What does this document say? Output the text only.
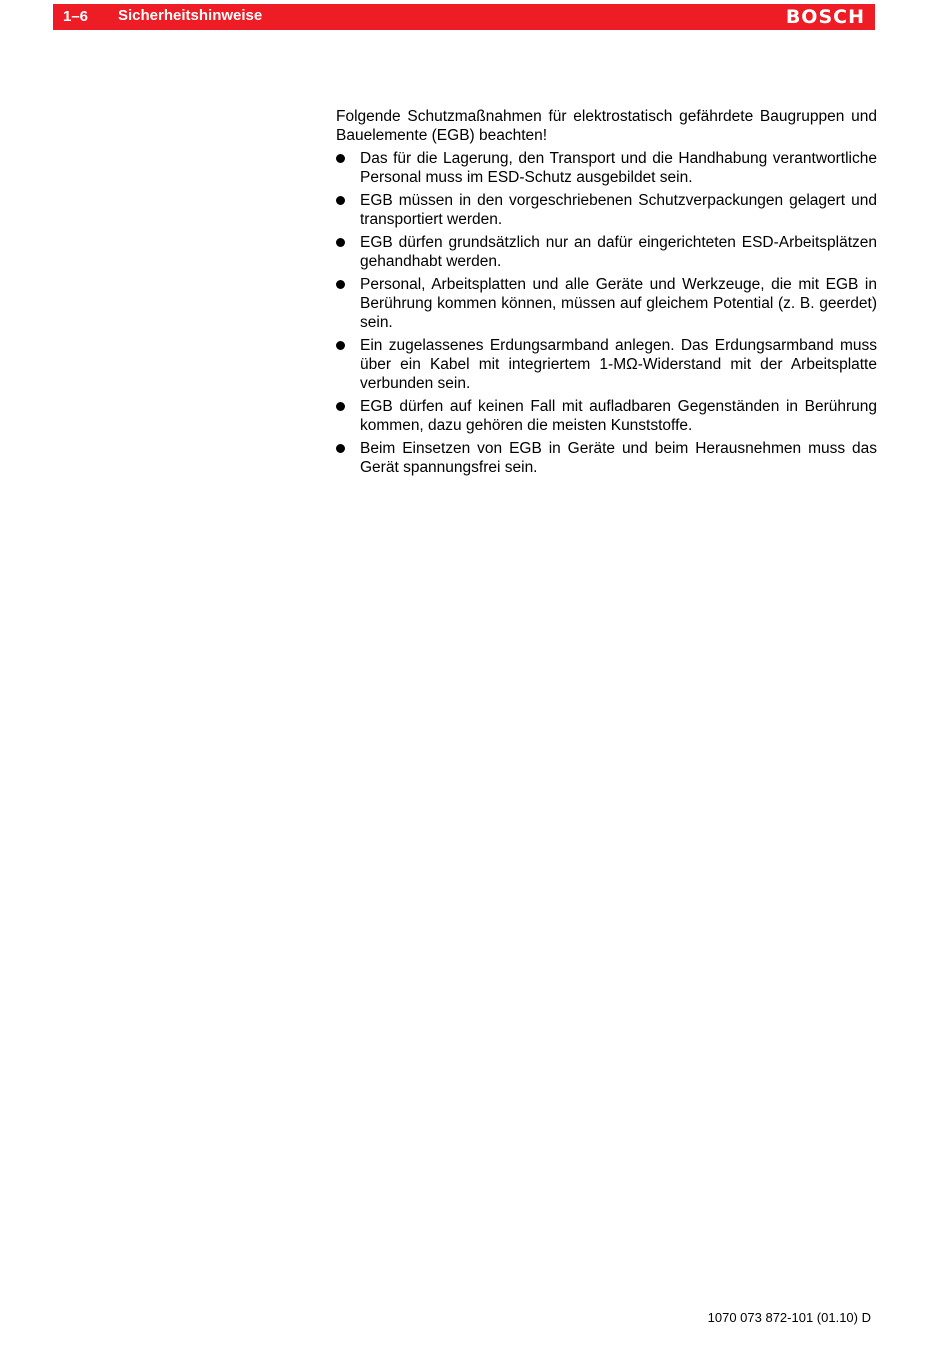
1–6 Sicherheitshinweise	BOSCH

Folgende Schutzmaßnahmen für elektrostatisch gefährdete Baugruppen und Bauelemente (EGB) beachten!

Das für die Lagerung, den Transport und die Handhabung verantwortliche Personal muss im ESD-Schutz ausgebildet sein.
EGB müssen in den vorgeschriebenen Schutzverpackungen gelagert und transportiert werden.
EGB dürfen grundsätzlich nur an dafür eingerichteten ESD-Arbeitsplätzen gehandhabt werden.
Personal, Arbeitsplatten und alle Geräte und Werkzeuge, die mit EGB in Berührung kommen können, müssen auf gleichem Potential (z. B. geerdet) sein.
Ein zugelassenes Erdungsarmband anlegen. Das Erdungsarmband muss über ein Kabel mit integriertem 1-MΩ-Widerstand mit der Arbeitsplatte verbunden sein.
EGB dürfen auf keinen Fall mit aufladbaren Gegenständen in Berührung kommen, dazu gehören die meisten Kunststoffe.
Beim Einsetzen von EGB in Geräte und beim Herausnehmen muss das Gerät spannungsfrei sein.
1070 073 872-101 (01.10) D
